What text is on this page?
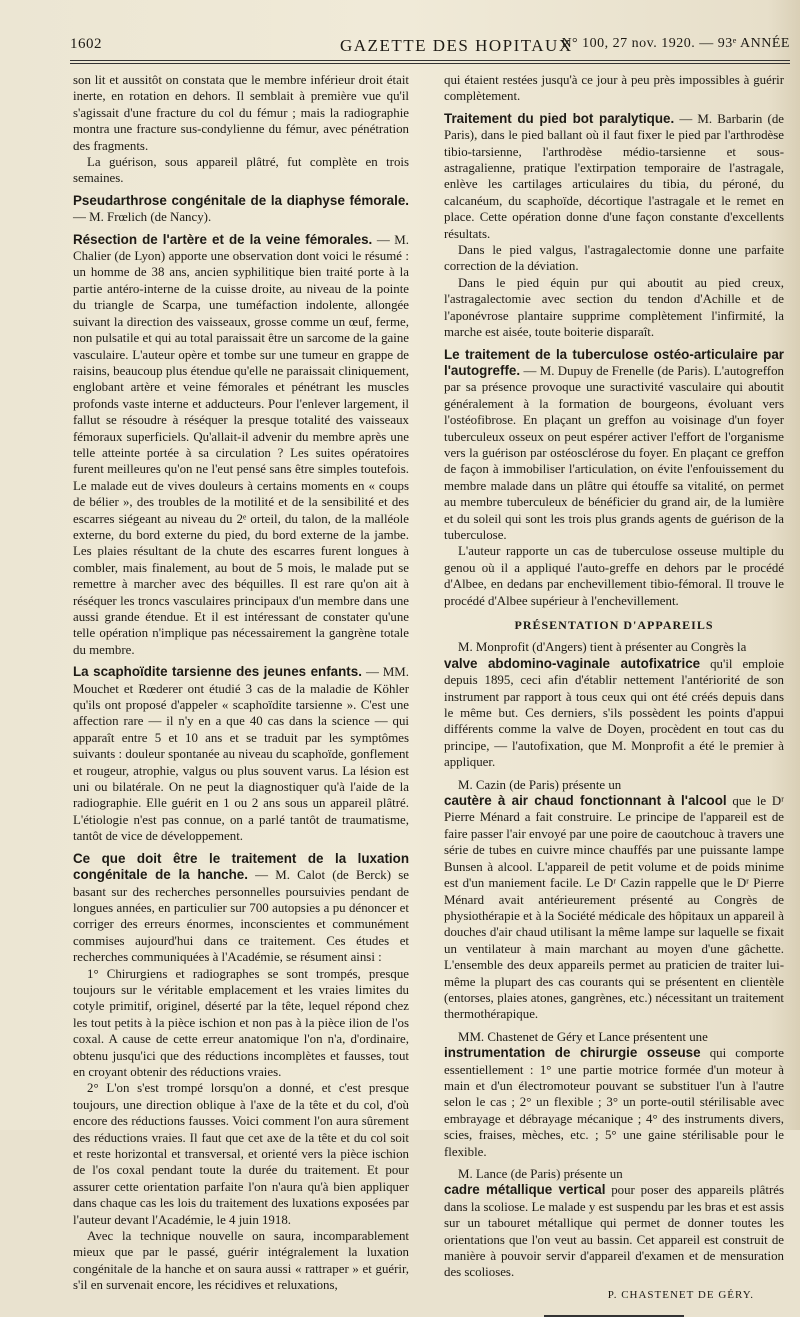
1602	GAZETTE DES HOPITAUX
N° 100, 27 nov. 1920. — 93ᵉ ANNÉE

son lit et aussitôt on constata que le membre inférieur droit était inerte, en rotation en dehors. Il semblait à première vue qu'il s'agissait d'une fracture du col du fémur ; mais la radiographie montra une fracture sus-condylienne du fémur, avec pénétration des fragments.

La guérison, sous appareil plâtré, fut complète en trois semaines.

Pseudarthrose congénitale de la diaphyse fémorale. — M. Frœlich (de Nancy).

Résection de l'artère et de la veine fémorales. — M. Chalier (de Lyon) apporte une observation dont voici le résumé : un homme de 38 ans, ancien syphilitique bien traité porte à la partie antéro-interne de la cuisse droite, au niveau de la pointe du triangle de Scarpa, une tuméfaction indolente, allongée suivant la direction des vaisseaux, grosse comme un œuf, ferme, non pulsatile et qui au total paraissait être un sarcome de la gaine vasculaire. L'auteur opère et tombe sur une tumeur en grappe de raisins, beaucoup plus étendue qu'elle ne paraissait cliniquement, englobant artère et veine fémorales et pénétrant les muscles profonds vaste interne et adducteurs. Pour l'enlever largement, il fallut se résoudre à réséquer la presque totalité des vaisseaux fémoraux superficiels. Qu'allait-il advenir du membre après une telle atteinte portée à sa circulation ? Les suites opératoires furent meilleures qu'on ne l'eut pensé sans être simples toutefois. Le malade eut de vives douleurs à certains moments en « coups de bélier », des troubles de la motilité et de la sensibilité et des escarres siégeant au niveau du 2ᵉ orteil, du talon, de la malléole externe, du bord externe du pied, du bord externe de la jambe. Les plaies résultant de la chute des escarres furent longues à combler, mais finalement, au bout de 5 mois, le malade put se remettre à marcher avec des béquilles. Il est rare qu'on ait à réséquer les troncs vasculaires principaux d'un membre dans une aussi grande étendue. Et il est intéressant de constater qu'une telle opération n'implique pas nécessairement la gangrène totale du membre.

La scaphoïdite tarsienne des jeunes enfants. — MM. Mouchet et Rœderer ont étudié 3 cas de la maladie de Köhler qu'ils ont proposé d'appeler « scaphoïdite tarsienne ». C'est une affection rare — il n'y en a que 40 cas dans la science — qui apparaît entre 5 et 10 ans et se traduit par les symptômes suivants : douleur spontanée au niveau du scaphoïde, gonflement et rougeur, atrophie, valgus ou plus souvent varus. La lésion est uni ou bilatérale. On ne peut la diagnostiquer qu'à l'aide de la radiographie. Elle guérit en 1 ou 2 ans sous un appareil plâtré. L'étiologie n'est pas connue, on a parlé tantôt de traumatisme, tantôt de vice de développement.

Ce que doit être le traitement de la luxation congénitale de la hanche. — M. Calot (de Berck) se basant sur des recherches personnelles poursuivies pendant de longues années, en particulier sur 700 autopsies a pu dénoncer et corriger des erreurs énormes, inconscientes et communément commises aujourd'hui dans ce traitement. Ces études et recherches communiquées à l'Académie, se résument ainsi :

1° Chirurgiens et radiographes se sont trompés, presque toujours sur le véritable emplacement et les vraies limites du cotyle primitif, originel, déserté par la tête, lequel répond chez les tout petits à la pièce ischion et non pas à la pièce ilion de l'os coxal. A cause de cette erreur anatomique l'on n'a, d'ordinaire, obtenu jusqu'ici que des réductions incomplètes et fausses, tout en croyant obtenir des réductions vraies.

2° L'on s'est trompé lorsqu'on a donné, et c'est presque toujours, une direction oblique à l'axe de la tête et du col, d'où encore des réductions fausses. Voici comment l'on aura sûrement des réductions vraies. Il faut que cet axe de la tête et du col soit et reste horizontal et transversal, et orienté vers la pièce ischion de l'os coxal pendant toute la durée du traitement. Et pour assurer cette orientation parfaite l'on n'aura qu'à bien appliquer dans chaque cas les lois du traitement des luxations exposées par l'auteur devant l'Académie, le 4 juin 1918.

Avec la technique nouvelle on saura, incomparablement mieux que par le passé, guérir intégralement la luxation congénitale de la hanche et on saura aussi « rattraper » et guérir, s'il en survenait encore, les récidives et reluxations,

qui étaient restées jusqu'à ce jour à peu près impossibles à guérir complètement.

Traitement du pied bot paralytique. — M. Barbarin (de Paris), dans le pied ballant où il faut fixer le pied par l'arthrodèse tibio-tarsienne, l'arthrodèse médio-tarsienne et sous-astragalienne, pratique l'extirpation temporaire de l'astragale, enlève les cartilages articulaires du tibia, du péroné, du calcanéum, du scaphoïde, décortique l'astragale et le remet en place. Cette opération donne d'une façon constante d'excellents résultats.

Dans le pied valgus, l'astragalectomie donne une parfaite correction de la déviation.

Dans le pied équin pur qui aboutit au pied creux, l'astragalectomie avec section du tendon d'Achille et de l'aponévrose plantaire supprime complètement l'infirmité, la marche est aisée, toute boiterie disparaît.

Le traitement de la tuberculose ostéo-articulaire par l'autogreffe. — M. Dupuy de Frenelle (de Paris). L'autogreffon par sa présence provoque une suractivité vasculaire qui aboutit généralement à la formation de bourgeons, évoluant vers l'ostéofibrose. En plaçant un greffon au voisinage d'un foyer tuberculeux osseux on peut espérer activer l'effort de l'organisme vers la guérison par ostéosclérose du foyer. En plaçant ce greffon de façon à immobiliser l'articulation, on évite l'enfouissement du membre malade dans un plâtre qui étouffe sa vitalité, on permet au membre tuberculeux de bénéficier du grand air, de la lumière et du soleil qui sont les trois plus grands agents de guérison de la tuberculose.

L'auteur rapporte un cas de tuberculose osseuse multiple du genou où il a appliqué l'auto-greffe en dehors par le procédé d'Albee, en dedans par enchevillement tibio-fémoral. Il trouve le procédé d'Albee supérieur à l'enchevillement.

PRÉSENTATION D'APPAREILS

M. Monprofit (d'Angers) tient à présenter au Congrès la

valve abdomino-vaginale autofixatrice qu'il emploie depuis 1895, ceci afin d'établir nettement l'antériorité de son instrument par rapport à tous ceux qui ont été créés depuis dans le même but. Ces derniers, s'ils possèdent les points d'appui différents comme la valve de Doyen, procèdent en tout cas du principe, — l'autofixation, que M. Monprofit a été le premier à appliquer.

M. Cazin (de Paris) présente un

cautère à air chaud fonctionnant à l'alcool que le Dʳ Pierre Ménard a fait construire. Le principe de l'appareil est de faire passer l'air envoyé par une poire de caoutchouc à travers une série de tubes en cuivre mince chauffés par une puissante lampe Bunsen à alcool. L'appareil de petit volume et de poids minime est d'un maniement facile. Le Dʳ Cazin rappelle que le Dʳ Pierre Ménard avait antérieurement présenté au Congrès de physiothérapie et à la Société médicale des hôpitaux un appareil à douches d'air chaud utilisant la même lampe sur laquelle se fixait un ventilateur à main marchant au moyen d'une gâchette. L'ensemble des deux appareils permet au praticien de traiter lui-même la plupart des cas courants qui se présentent en clientèle (entorses, plaies atones, gangrènes, etc.) nécessitant un traitement thermothérapique.

MM. Chastenet de Géry et Lance présentent une

instrumentation de chirurgie osseuse qui comporte essentiellement : 1° une partie motrice formée d'un moteur à main et d'un électromoteur pouvant se substituer l'un à l'autre selon le cas ; 2° un flexible ; 3° un porte-outil stérilisable avec embrayage et débrayage mécanique ; 4° des instruments divers, scies, fraises, mèches, etc. ; 5° une gaine stérilisable pour le flexible.

M. Lance (de Paris) présente un

cadre métallique vertical pour poser des appareils plâtrés dans la scoliose. Le malade y est suspendu par les bras et est assis sur un tabouret métallique qui permet de donner toutes les orientations que l'on veut au bassin. Cet appareil est construit de manière à pouvoir servir d'appareil d'examen et de mensuration des scolioses.

P. CHASTENET DE GÉRY.
